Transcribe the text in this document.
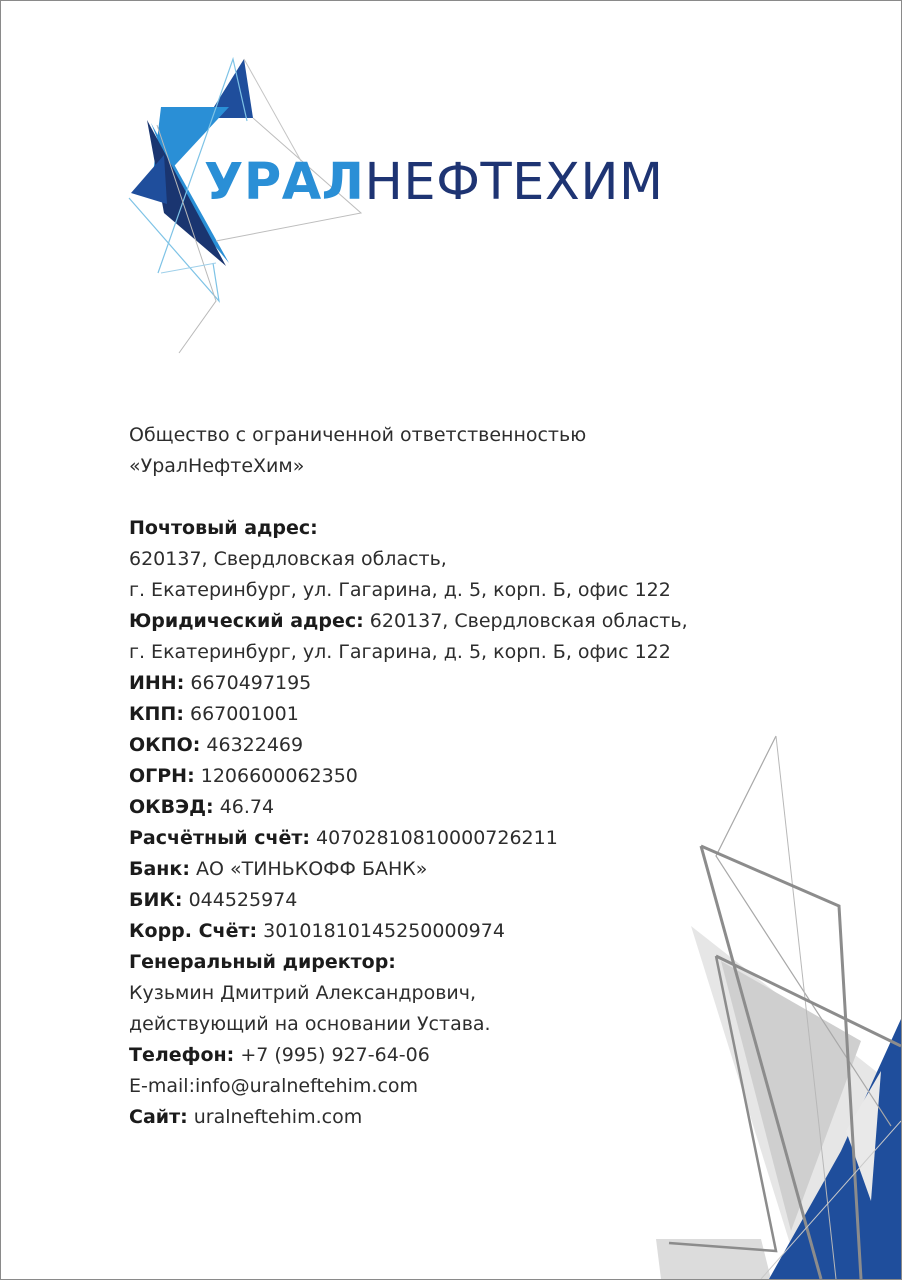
УРАЛНЕФТЕХИМ
Общество с ограниченной ответственностью
«УралНефтеХим»
Почтовый адрес:
620137, Свердловская область,
г. Екатеринбург, ул. Гагарина, д. 5, корп. Б, офис 122
Юридический адрес: 620137, Свердловская область,
г. Екатеринбург, ул. Гагарина, д. 5, корп. Б, офис 122
ИНН: 6670497195
КПП: 667001001
ОКПО: 46322469
ОГРН: 1206600062350
ОКВЭД: 46.74
Расчётный счёт: 40702810810000726211
Банк: АО «ТИНЬКОФФ БАНК»
БИК: 044525974
Корр. Счёт: 30101810145250000974
Генеральный директор:
Кузьмин Дмитрий Александрович,
действующий на основании Устава.
Телефон: +7 (995) 927-64-06
E-mail:info@uralneftehim.com
Сайт: uralneftehim.com
